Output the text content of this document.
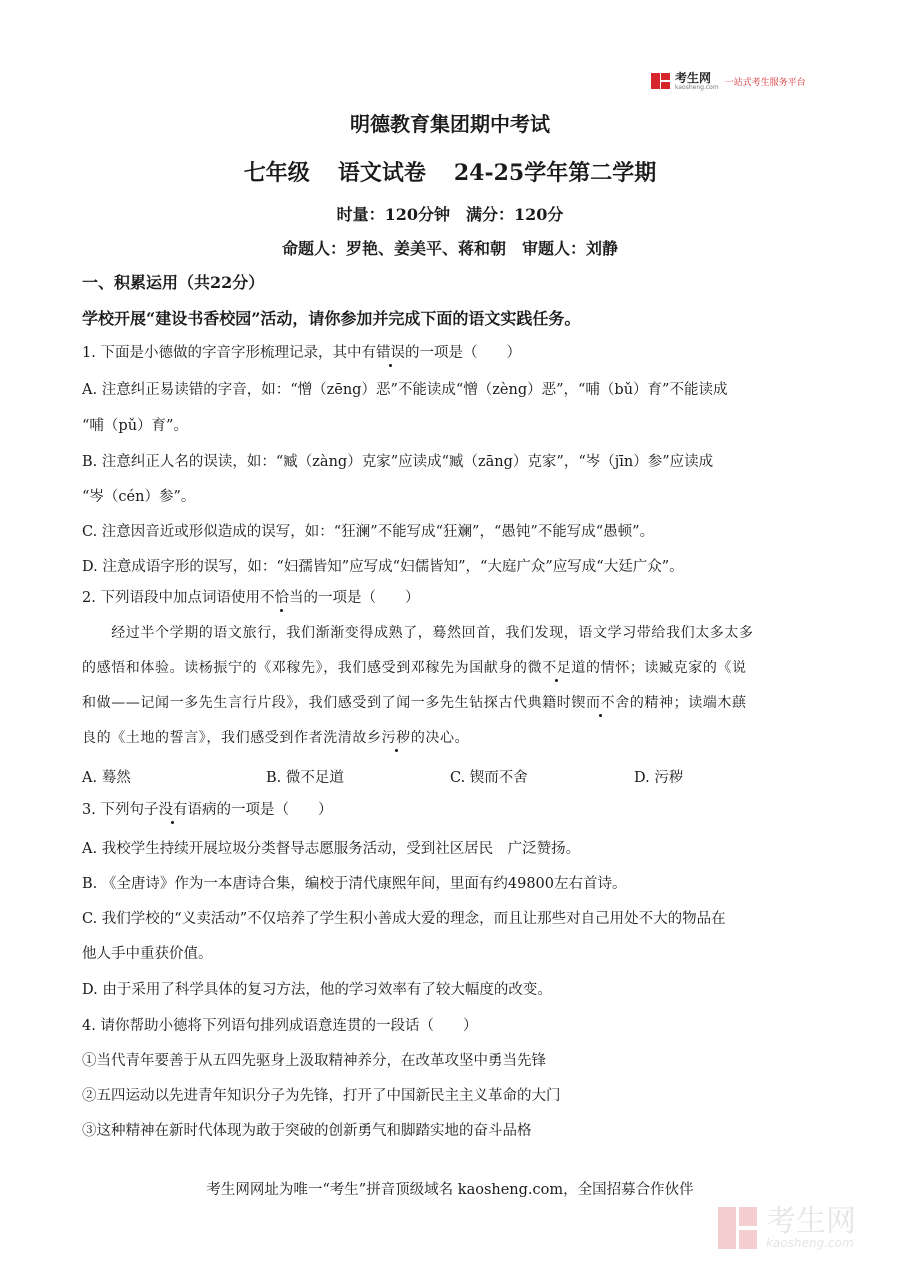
考生网
kaosheng.com 一站式考生服务平台
明德教育集团期中考试
七年级 语文试卷 24-25学年第二学期
时量：120分钟 满分：120分
命题人：罗艳、姜美平、蒋和朝 审题人：刘静
一、积累运用（共22分）
学校开展“建设书香校园”活动，请你参加并完成下面的语文实践任务。
1. 下面是小德做的字音字形梳理记录，其中有错误的一项是（　　）
A. 注意纠正易读错的字音，如：“憎（zēng）恶”不能读成“憎（zèng）恶”，“哺（bǔ）育”不能读成
“哺（pǔ）育”。
B. 注意纠正人名的误读，如：“臧（zàng）克家”应读成“臧（zāng）克家”，“岑（jīn）参”应读成
“岑（cén）参”。
C. 注意因音近或形似造成的误写，如：“狂澜”不能写成“狂斓”，“愚钝”不能写成“愚顿”。
D. 注意成语字形的误写，如：“妇孺皆知”应写成“妇儒皆知”，“大庭广众”应写成“大廷广众”。
2. 下列语段中加点词语使用不恰当的一项是（　　）
　　经过半个学期的语文旅行，我们渐渐变得成熟了，蓦然回首，我们发现，语文学习带给我们太多太多
的感悟和体验。读杨振宁的《邓稼先》，我们感受到邓稼先为国献身的微不足道的情怀；读臧克家的《说
和做——记闻一多先生言行片段》，我们感受到了闻一多先生钻探古代典籍时锲而不舍的精神；读端木蕻
良的《土地的誓言》，我们感受到作者洗清故乡污秽的决心。
A. 蓦然	B. 微不足道	C. 锲而不舍	D. 污秽
3. 下列句子没有语病的一项是（　　）
A. 我校学生持续开展垃圾分类督导志愿服务活动，受到社区居民　广泛赞扬。
B. 《全唐诗》作为一本唐诗合集，编校于清代康熙年间，里面有约49800左右首诗。
C. 我们学校的“义卖活动”不仅培养了学生积小善成大爱的理念，而且让那些对自己用处不大的物品在
他人手中重获价值。
D. 由于采用了科学具体的复习方法，他的学习效率有了较大幅度的改变。
4. 请你帮助小德将下列语句排列成语意连贯的一段话（　　）
①当代青年要善于从五四先驱身上汲取精神养分，在改革攻坚中勇当先锋
②五四运动以先进青年知识分子为先锋，打开了中国新民主主义革命的大门
③这种精神在新时代体现为敢于突破的创新勇气和脚踏实地的奋斗品格
考生网网址为唯一“考生”拼音顶级域名 kaosheng.com，全国招募合作伙伴
考生网
kaosheng.com
